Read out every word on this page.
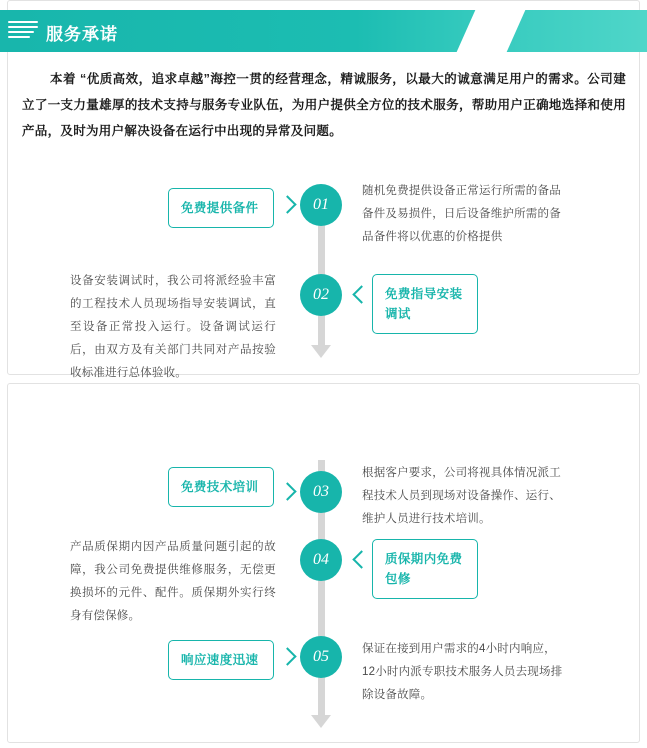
服务承诺
本着 “优质高效，追求卓越”海控一贯的经营理念，精诚服务，以最大的诚意满足用户的需求。公司建立了一支力量雄厚的技术支持与服务专业队伍，为用户提供全方位的技术服务，帮助用户正确地选择和使用产品，及时为用户解决设备在运行中出现的异常及问题。
01
免费提供备件
随机免费提供设备正常运行所需的备品备件及易损件，日后设备维护所需的备品备件将以优惠的价格提供
02	免费指导安装调试
设备安装调试时，我公司将派经验丰富的工程技术人员现场指导安装调试，直至设备正常投入运行。设备调试运行后，由双方及有关部门共同对产品按验收标准进行总体验收。
03
免费技术培训
根据客户要求，公司将视具体情况派工程技术人员到现场对设备操作、运行、维护人员进行技术培训。
04	质保期内免费包修
产品质保期内因产品质量问题引起的故障，我公司免费提供维修服务，无偿更换损坏的元件、配件。质保期外实行终身有偿保修。
05
响应速度迅速
保证在接到用户需求的4小时内响应，12小时内派专职技术服务人员去现场排除设备故障。
